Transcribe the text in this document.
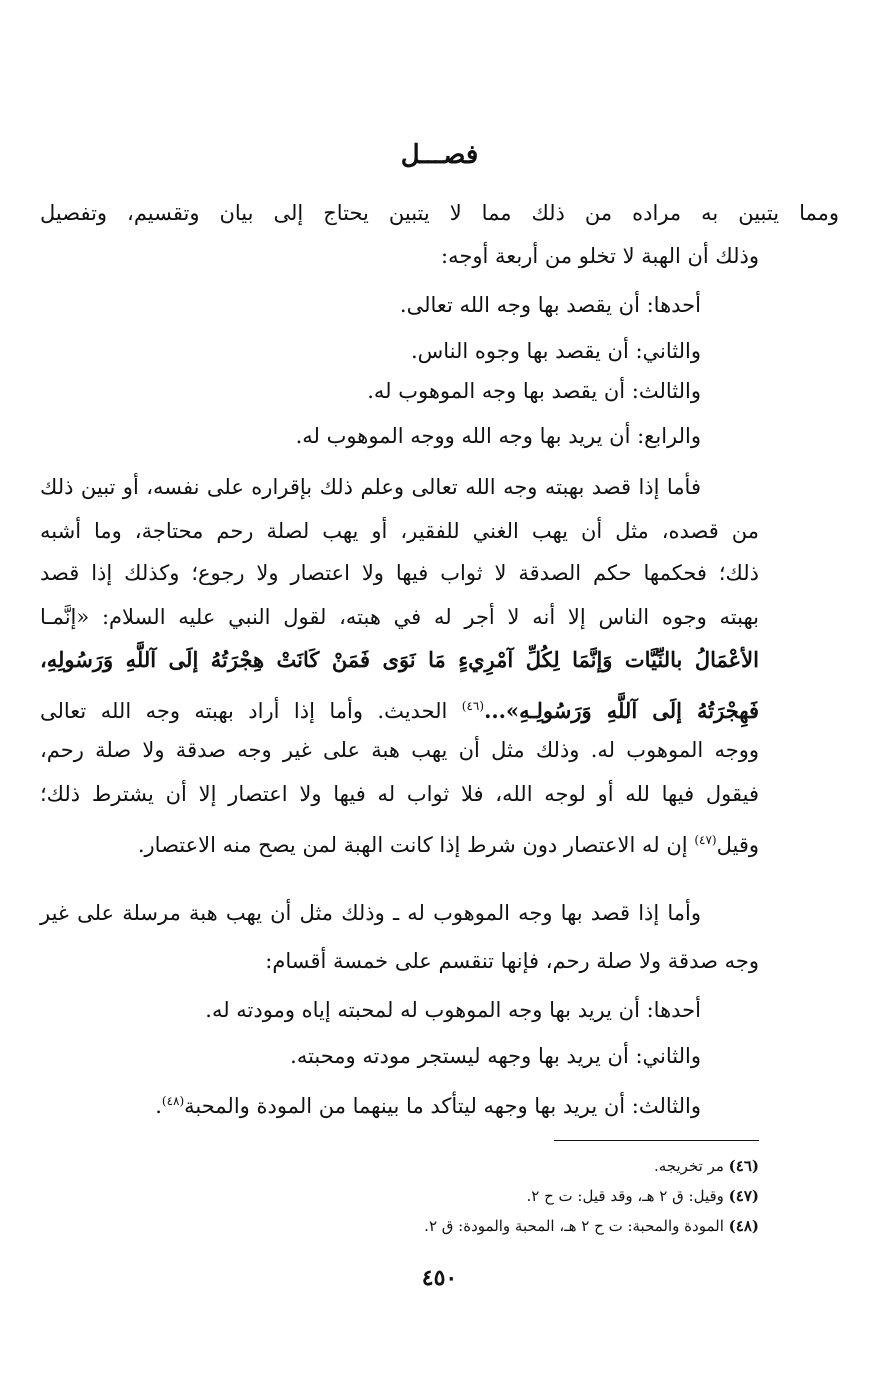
فصـــل
ومما يتبين به مراده من ذلك مما لا يتبين يحتاج إلى بيان وتقسيم، وتفصيل
وذلك أن الهبة لا تخلو من أربعة أوجه:
أحدها: أن يقصد بها وجه الله تعالى.
والثاني: أن يقصد بها وجوه الناس.
والثالث: أن يقصد بها وجه الموهوب له.
والرابع: أن يريد بها وجه الله ووجه الموهوب له.
فأما إذا قصد بهبته وجه الله تعالى وعلم ذلك بإقراره على نفسه، أو تبين ذلك
من قصده، مثل أن يهب الغني للفقير، أو يهب لصلة رحم محتاجة، وما أشبه
ذلك؛ فحكمها حكم الصدقة لا ثواب فيها ولا اعتصار ولا رجوع؛ وكذلك إذا قصد
بهبته وجوه الناس إلا أنه لا أجر له في هبته، لقول النبي عليه السلام: «إنَّمـا
الأعْمَالُ بالنِّيَّات وَإنَّمَا لِكُلِّ آمْرِيءٍ مَا نَوَى فَمَنْ كَانَتْ هِجْرَتُهُ إلَى آللَّهِ وَرَسُولِهِ،
فَهِجْرَتُهُ إلَى آللَّهِ وَرَسُولِـهِ»...$^{(٤٦)}$ الحديث. وأما إذا أراد بهبته وجه الله تعالى
ووجه الموهوب له. وذلك مثل أن يهب هبة على غير وجه صدقة ولا صلة رحم،
فيقول فيها لله أو لوجه الله، فلا ثواب له فيها ولا اعتصار إلا أن يشترط ذلك؛
وقيل$^{(٤٧)}$ إن له الاعتصار دون شرط إذا كانت الهبة لمن يصح منه الاعتصار.
وأما إذا قصد بها وجه الموهوب له ـ وذلك مثل أن يهب هبة مرسلة على غير
وجه صدقة ولا صلة رحم، فإنها تنقسم على خمسة أقسام:
أحدها: أن يريد بها وجه الموهوب له لمحبته إياه ومودته له.
والثاني: أن يريد بها وجهه ليستجر مودته ومحبته.
والثالث: أن يريد بها وجهه ليتأكد ما بينهما من المودة والمحبة$^{(٤٨)}$.
(٤٦) مر تخريجه.
(٤٧) وقيل: ق ٢ هـ، وقد قيل: ت ح ٢.
(٤٨) المودة والمحبة: ت ح ٢ هـ، المحبة والمودة: ق ٢.
٤٥٠
